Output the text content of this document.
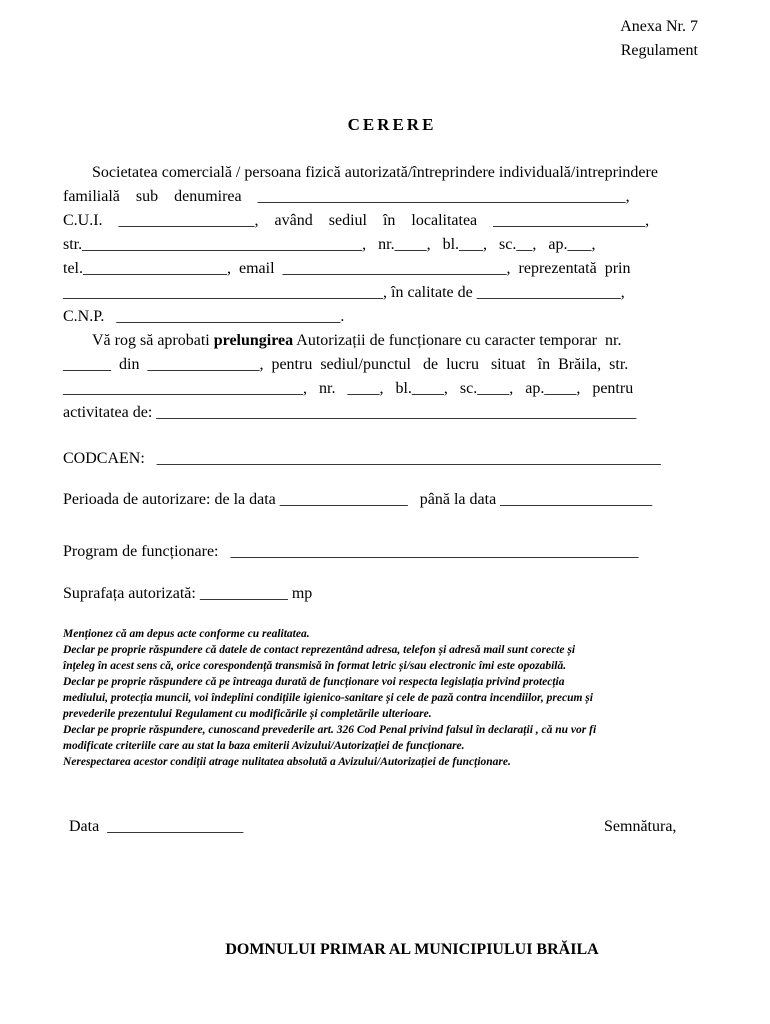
Anexa Nr. 7
Regulament
CERERE
Societatea comercială / persoana fizică autorizată/întreprindere individuală/intreprindere
familială    sub    denumirea    ______________________________________________,
C.U.I.    _________________,    având    sediul    în    localitatea    ___________________,
str.___________________________________,   nr.____,   bl.___,   sc.__,   ap.___,
tel.__________________,  email  ____________________________,  reprezentată  prin
________________________________________, în calitate de __________________,
C.N.P.   ____________________________.
Vă rog să aprobati prelungirea Autorizații de funcționare cu caracter temporar  nr.
______  din  ______________,  pentru  sediul/punctul   de  lucru   situat   în  Brăila,  str.
______________________________,   nr.   ____,   bl.____,   sc.____,   ap.____,   pentru
activitatea de: ____________________________________________________________
CODCAEN:   _______________________________________________________________
Perioada de autorizare: de la data ________________   până la data ___________________
Program de funcționare:   ___________________________________________________
Suprafața autorizată: ___________ mp
Menționez că am depus acte conforme cu realitatea.
Declar pe proprie răspundere că datele de contact reprezentând adresa, telefon și adresă mail sunt corecte și
înțeleg în acest sens că, orice corespondență transmisă în format letric și/sau electronic îmi este opozabilă.
Declar pe proprie răspundere că pe întreaga durată de funcționare voi respecta legislația privind protecția
mediului, protecția muncii, voi îndeplini condițiile igienico-sanitare și cele de pază contra incendiilor, precum și
prevederile prezentului Regulament cu modificările și completările ulterioare.
Declar pe proprie răspundere, cunoscand prevederile art. 326 Cod Penal privind falsul în declarații , că nu vor fi
modificate criteriile care au stat la baza emiterii Avizului/Autorizației de funcționare.
Nerespectarea acestor condiții atrage nulitatea absolută a Avizului/Autorizației de funcționare.
Data  _________________	Semnătura,
DOMNULUI PRIMAR AL MUNICIPIULUI BRĂILA
